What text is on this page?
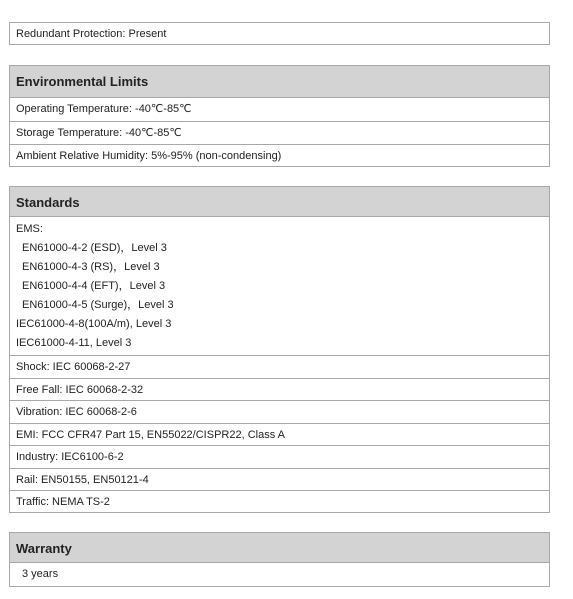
Redundant Protection: Present
Environmental Limits
Operating Temperature: -40℃-85℃
Storage Temperature: -40℃-85℃
Ambient Relative Humidity: 5%-95% (non-condensing)
Standards
EMS:
EN61000-4-2 (ESD)，Level 3
EN61000-4-3 (RS)，Level 3
EN61000-4-4 (EFT)，Level 3
EN61000-4-5 (Surge)，Level 3
IEC61000-4-8(100A/m), Level 3
IEC61000-4-11, Level 3
Shock: IEC 60068-2-27
Free Fall: IEC 60068-2-32
Vibration: IEC 60068-2-6
EMI: FCC CFR47 Part 15, EN55022/CISPR22, Class A
Industry: IEC6100-6-2
Rail: EN50155, EN50121-4
Traffic: NEMA TS-2
Warranty
3 years
